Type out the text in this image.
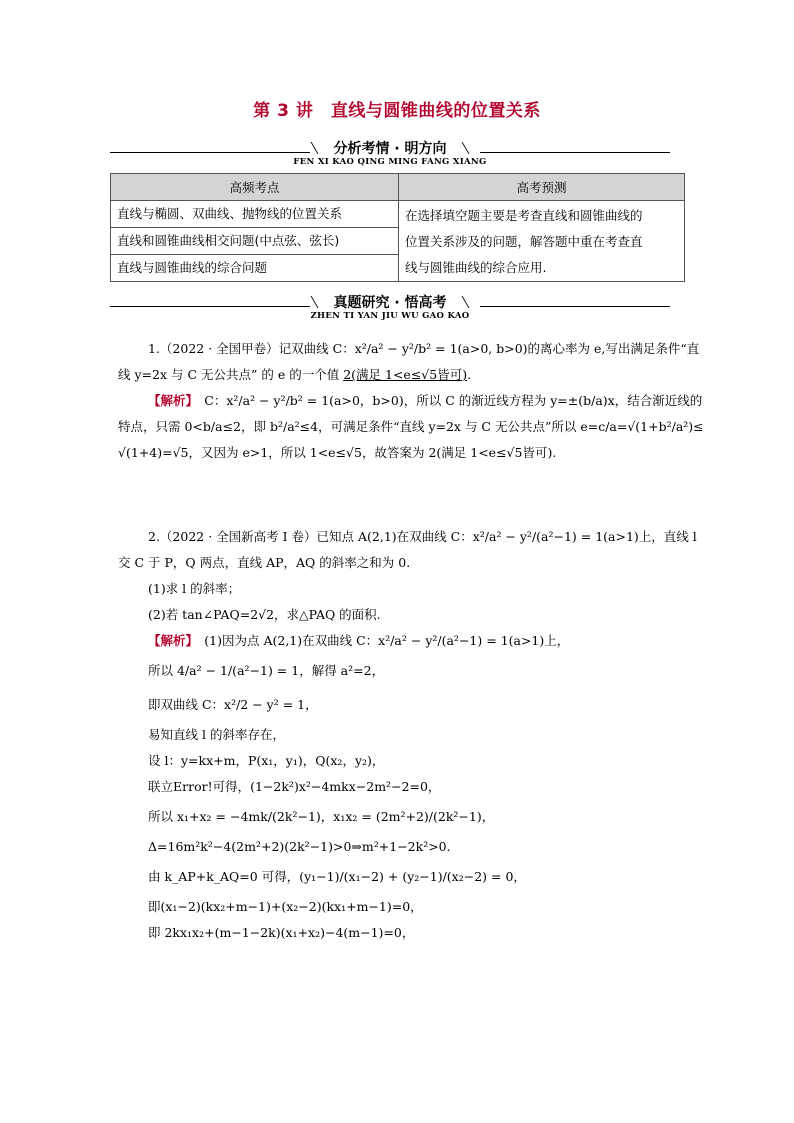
第 3 讲　直线与圆锥曲线的位置关系
分析考情 · 明方向
FEN XI KAO QING MING FANG XIANG
高频考点	高考预测
直线与椭圆、双曲线、抛物线的位置关系	在选择填空题主要是考查直线和圆锥曲线的
位置关系涉及的问题，解答题中重在考查直
线与圆锥曲线的综合应用.

直线和圆锥曲线相交问题(中点弦、弦长)	
直线与圆锥曲线的综合问题	
真题研究 · 悟高考
ZHEN TI YAN JIU WU GAO KAO

1.（2022 · 全国甲卷）记双曲线 C：x²/a² − y²/b² = 1(a>0, b>0)的离心率为 e,写出满足条件“直

线 y=2x 与 C 无公共点” 的 e 的一个值 2(满足 1<e≤√5皆可).

【解析】　 C：x²/a² − y²/b² = 1(a>0，b>0)，所以 C 的渐近线方程为 y=±(b/a)x，结合渐近线的

特点，只需 0<b/a≤2，即 b²/a²≤4，可满足条件“直线 y=2x 与 C 无公共点”所以 e=c/a=√(1+b²/a²)≤

√(1+4)=√5，又因为 e>1，所以 1<e≤√5，故答案为 2(满足 1<e≤√5皆可).

2.（2022 · 全国新高考 I 卷）已知点 A(2,1)在双曲线 C：x²/a² − y²/(a²−1) = 1(a>1)上，直线 l

交 C 于 P，Q 两点，直线 AP，AQ 的斜率之和为 0.

(1)求 l 的斜率；

(2)若 tan∠PAQ=2√2，求△PAQ 的面积.

【解析】　 (1)因为点 A(2,1)在双曲线 C：x²/a² − y²/(a²−1) = 1(a>1)上，

所以 4/a² − 1/(a²−1) = 1，解得 a²=2，

即双曲线 C：x²/2 − y² = 1，

易知直线 l 的斜率存在，

设 l：y=kx+m，P(x₁，y₁)，Q(x₂，y₂)，

联立Error!可得，(1−2k²)x²−4mkx−2m²−2=0，

所以 x₁+x₂ = −4mk/(2k²−1)，x₁x₂ = (2m²+2)/(2k²−1)，

Δ=16m²k²−4(2m²+2)(2k²−1)>0⇒m²+1−2k²>0.

由 k_AP+k_AQ=0 可得，(y₁−1)/(x₁−2) + (y₂−1)/(x₂−2) = 0，

即(x₁−2)(kx₂+m−1)+(x₂−2)(kx₁+m−1)=0，

即 2kx₁x₂+(m−1−2k)(x₁+x₂)−4(m−1)=0，
